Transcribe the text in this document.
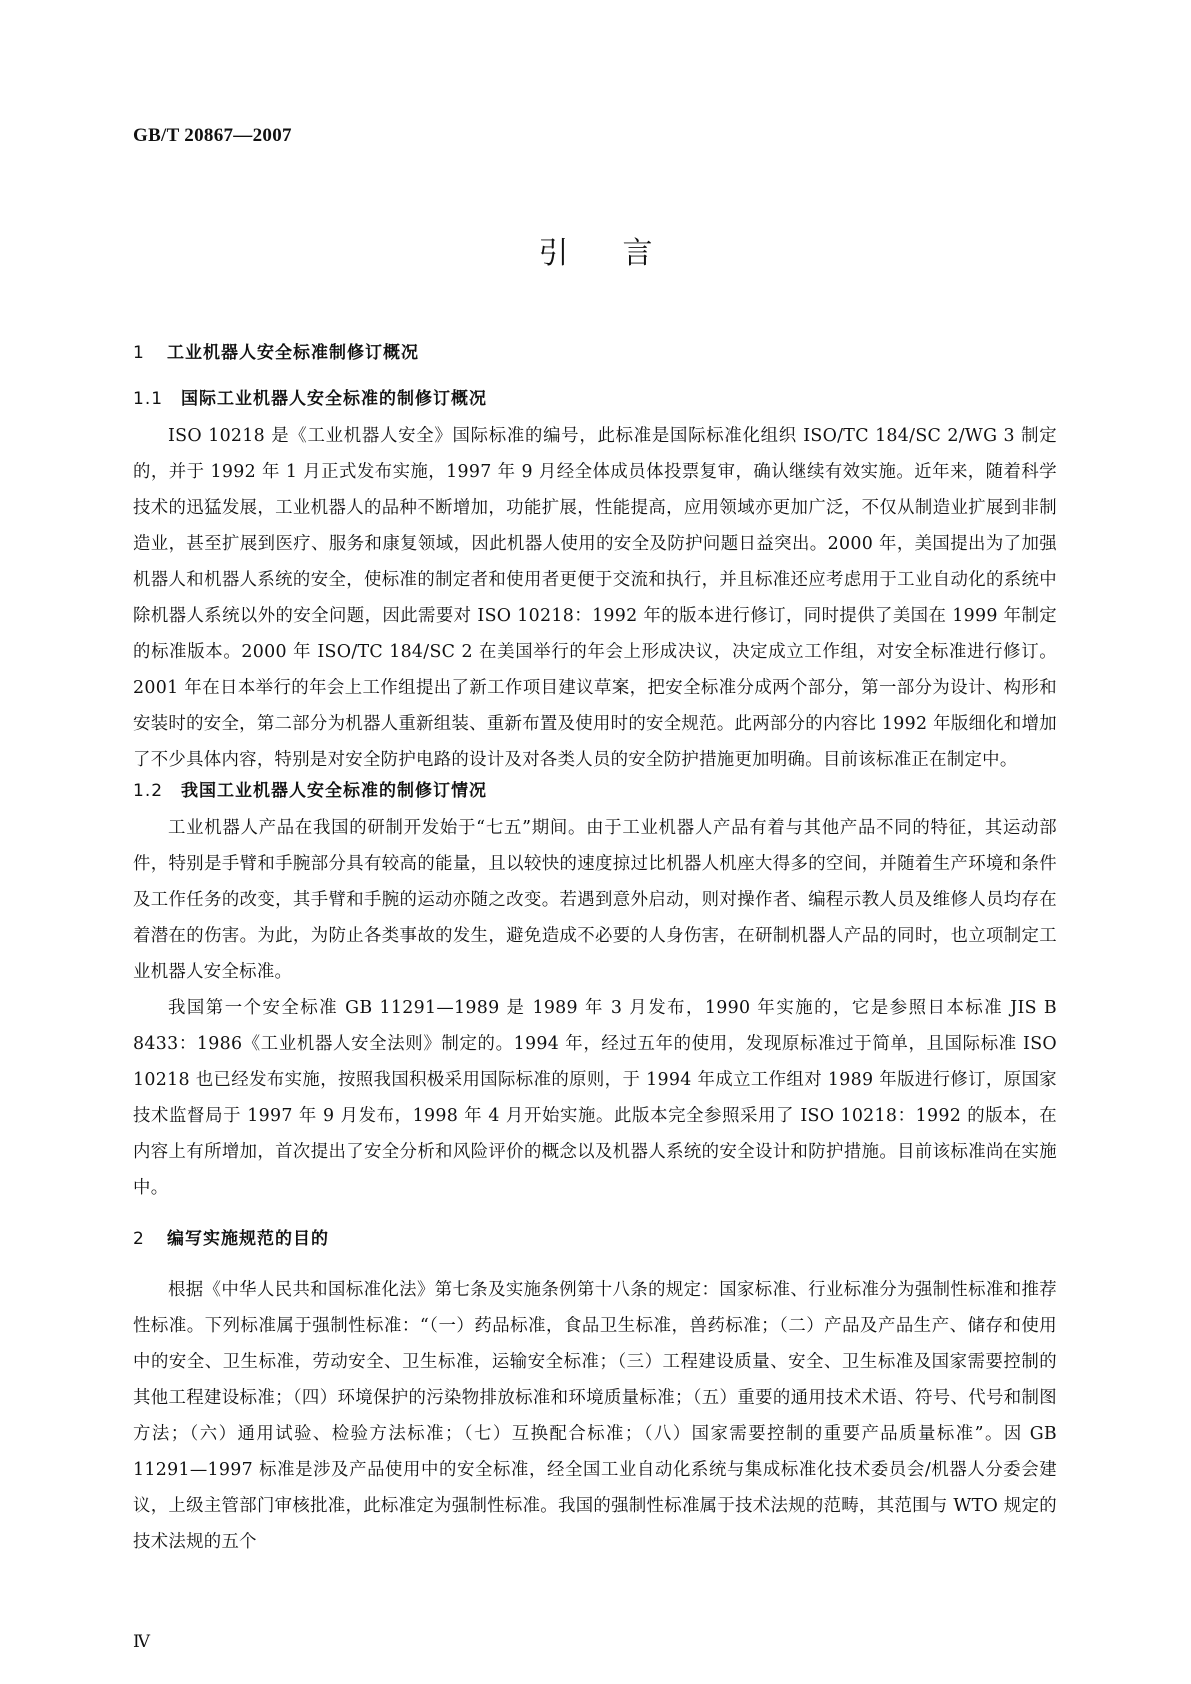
GB/T 20867—2007
引言
1 工业机器人安全标准制修订概况
1.1 国际工业机器人安全标准的制修订概况

ISO 10218 是《工业机器人安全》国际标准的编号，此标准是国际标准化组织 ISO/TC 184/SC 2/WG 3 制定的，并于 1992 年 1 月正式发布实施，1997 年 9 月经全体成员体投票复审，确认继续有效实施。近年来，随着科学技术的迅猛发展，工业机器人的品种不断增加，功能扩展，性能提高，应用领域亦更加广泛，不仅从制造业扩展到非制造业，甚至扩展到医疗、服务和康复领域，因此机器人使用的安全及防护问题日益突出。2000 年，美国提出为了加强机器人和机器人系统的安全，使标准的制定者和使用者更便于交流和执行，并且标准还应考虑用于工业自动化的系统中除机器人系统以外的安全问题，因此需要对 ISO 10218：1992 年的版本进行修订，同时提供了美国在 1999 年制定的标准版本。2000 年 ISO/TC 184/SC 2 在美国举行的年会上形成决议，决定成立工作组，对安全标准进行修订。2001 年在日本举行的年会上工作组提出了新工作项目建议草案，把安全标准分成两个部分，第一部分为设计、构形和安装时的安全，第二部分为机器人重新组装、重新布置及使用时的安全规范。此两部分的内容比 1992 年版细化和增加了不少具体内容，特别是对安全防护电路的设计及对各类人员的安全防护措施更加明确。目前该标准正在制定中。

1.2 我国工业机器人安全标准的制修订情况

工业机器人产品在我国的研制开发始于“七五”期间。由于工业机器人产品有着与其他产品不同的特征，其运动部件，特别是手臂和手腕部分具有较高的能量，且以较快的速度掠过比机器人机座大得多的空间，并随着生产环境和条件及工作任务的改变，其手臂和手腕的运动亦随之改变。若遇到意外启动，则对操作者、编程示教人员及维修人员均存在着潜在的伤害。为此，为防止各类事故的发生，避免造成不必要的人身伤害，在研制机器人产品的同时，也立项制定工业机器人安全标准。

我国第一个安全标准 GB 11291—1989 是 1989 年 3 月发布，1990 年实施的，它是参照日本标准 JIS B 8433：1986《工业机器人安全法则》制定的。1994 年，经过五年的使用，发现原标准过于简单，且国际标准 ISO 10218 也已经发布实施，按照我国积极采用国际标准的原则，于 1994 年成立工作组对 1989 年版进行修订，原国家技术监督局于 1997 年 9 月发布，1998 年 4 月开始实施。此版本完全参照采用了 ISO 10218：1992 的版本，在内容上有所增加，首次提出了安全分析和风险评价的概念以及机器人系统的安全设计和防护措施。目前该标准尚在实施中。

2 编写实施规范的目的

根据《中华人民共和国标准化法》第七条及实施条例第十八条的规定：国家标准、行业标准分为强制性标准和推荐性标准。下列标准属于强制性标准：“（一）药品标准，食品卫生标准，兽药标准；（二）产品及产品生产、储存和使用中的安全、卫生标准，劳动安全、卫生标准，运输安全标准；（三）工程建设质量、安全、卫生标准及国家需要控制的其他工程建设标准；（四）环境保护的污染物排放标准和环境质量标准；（五）重要的通用技术术语、符号、代号和制图方法；（六）通用试验、检验方法标准；（七）互换配合标准；（八）国家需要控制的重要产品质量标准”。因 GB 11291—1997 标准是涉及产品使用中的安全标准，经全国工业自动化系统与集成标准化技术委员会/机器人分委会建议，上级主管部门审核批准，此标准定为强制性标准。我国的强制性标准属于技术法规的范畴，其范围与 WTO 规定的技术法规的五个

Ⅳ
